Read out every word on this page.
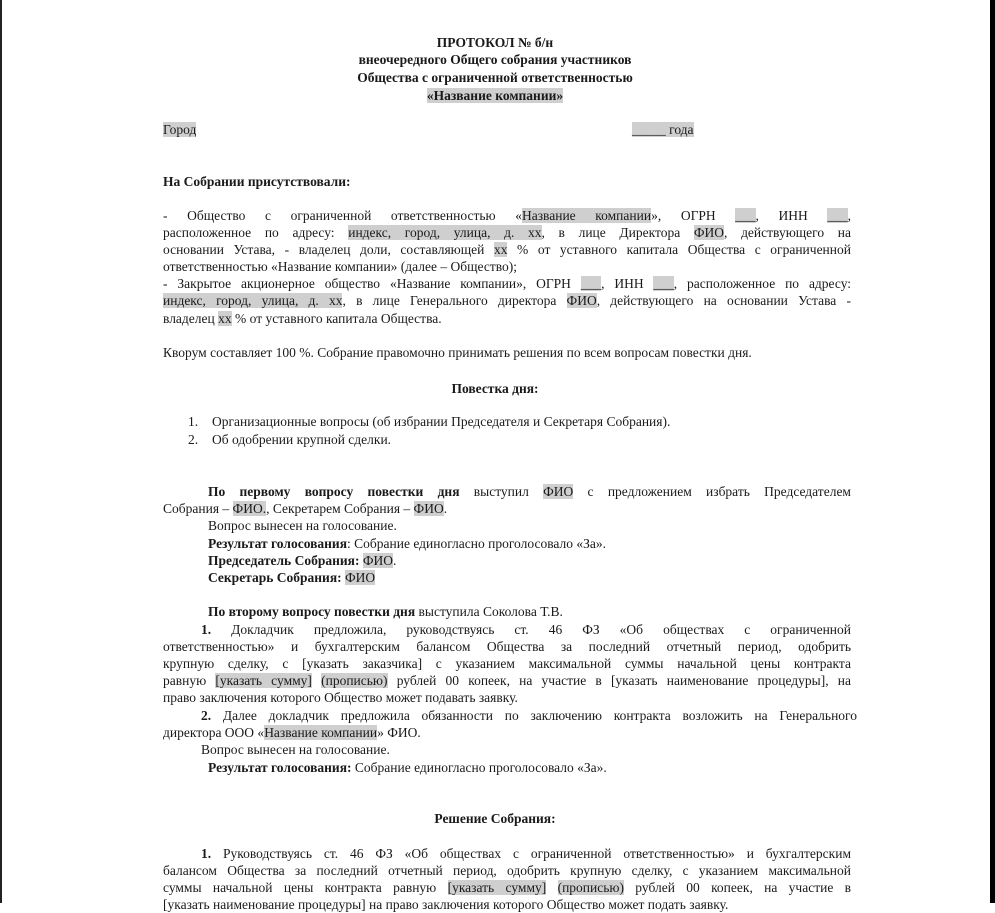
ПРОТОКОЛ № б/н
внеочередного Общего собрания участников
Общества с ограниченной ответственностью
«Название компании»
Город	_____ года
На Собрании присутствовали:
- Общество с ограниченной ответственностью «Название компании», ОГРН ___, ИНН ___,
расположенное по адресу: индекс, город, улица, д. хх, в лице Директора ФИО, действующего на
основании Устава, - владелец доли, составляющей хх % от уставного капитала Общества с ограниченной
ответственностью «Название компании» (далее – Общество);
- Закрытое акционерное общество «Название компании», ОГРН ___, ИНН ___, расположенное по адресу:
индекс, город, улица, д. хх, в лице Генерального директора ФИО, действующего на основании Устава -
владелец хх % от уставного капитала Общества.
Кворум составляет 100 %. Собрание правомочно принимать решения по всем вопросам повестки дня.
Повестка дня:
1. Организационные вопросы (об избрании Председателя и Секретаря Собрания).
2. Об одобрении крупной сделки.
По первому вопросу повестки дня выступил ФИО с предложением избрать Председателем
Собрания – ФИО., Секретарем Собрания – ФИО.
Вопрос вынесен на голосование.
Результат голосования: Собрание единогласно проголосовало «За».
Председатель Собрания: ФИО.
Секретарь Собрания: ФИО
По второму вопросу повестки дня выступила Соколова Т.В.
1. Докладчик предложила, руководствуясь ст. 46 ФЗ «Об обществах с ограниченной
ответственностью» и бухгалтерским балансом Общества за последний отчетный период, одобрить
крупную сделку, с [указать заказчика] с указанием максимальной суммы начальной цены контракта
равную [указать сумму] (прописью) рублей 00 копеек, на участие в [указать наименование процедуры], на
право заключения которого Общество может подавать заявку.
2. Далее докладчик предложила обязанности по заключению контракта возложить на Генерального
директора ООО «Название компании» ФИО.
Вопрос вынесен на голосование.
Результат голосования: Собрание единогласно проголосовало «За».
Решение Собрания:
1. Руководствуясь ст. 46 ФЗ «Об обществах с ограниченной ответственностью» и бухгалтерским
балансом Общества за последний отчетный период, одобрить крупную сделку, с указанием максимальной
суммы начальной цены контракта равную [указать сумму] (прописью) рублей 00 копеек, на участие в
[указать наименование процедуры] на право заключения которого Общество может подать заявку.
